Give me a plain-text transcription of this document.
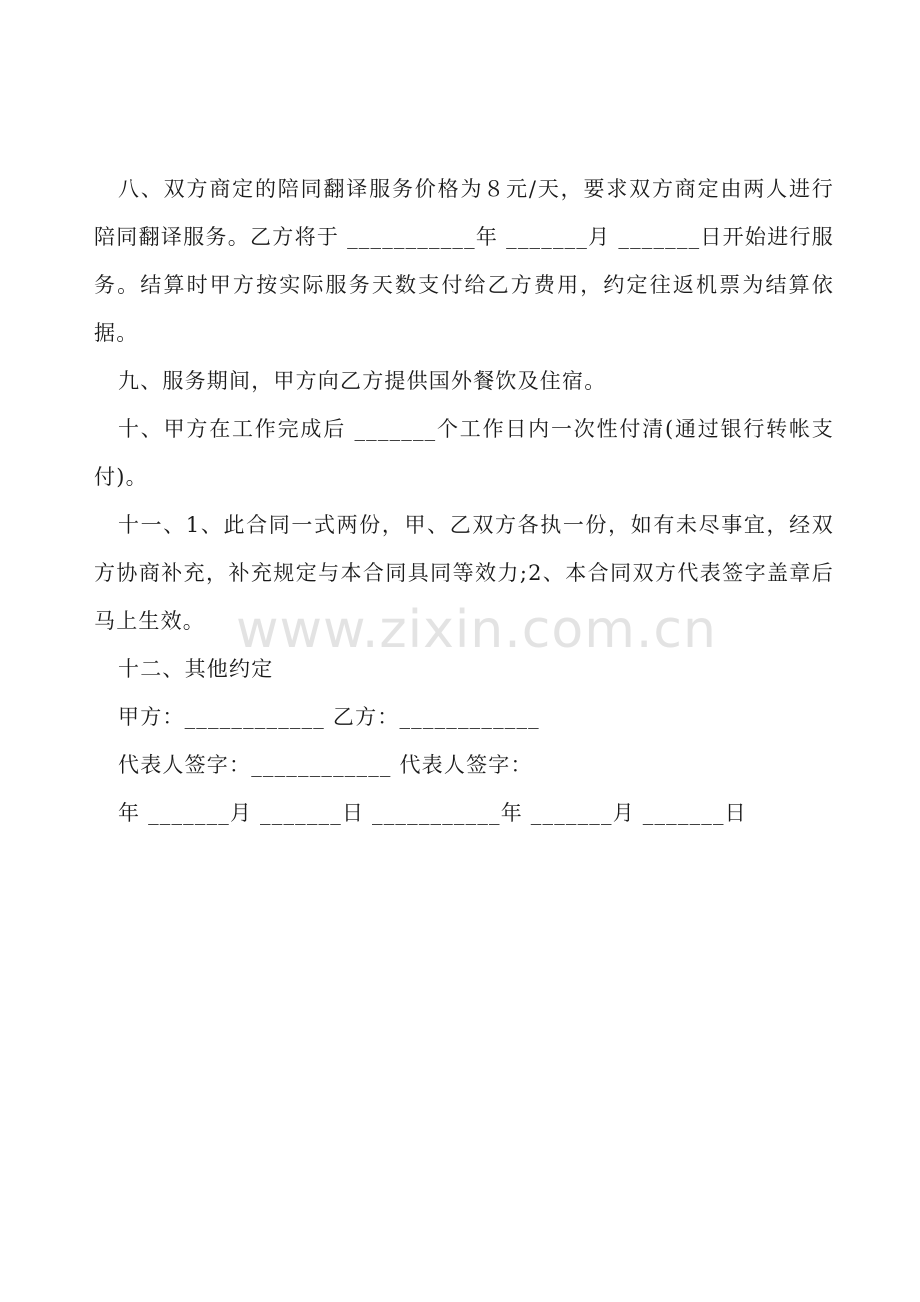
八、双方商定的陪同翻译服务价格为８元/天，要求双方商定由两人进行陪同翻译服务。乙方将于 ___________年 _______月 _______日开始进行服务。结算时甲方按实际服务天数支付给乙方费用，约定往返机票为结算依据。

九、服务期间，甲方向乙方提供国外餐饮及住宿。

十、甲方在工作完成后 _______个工作日内一次性付清(通过银行转帐支付)。

十一、1、此合同一式两份，甲、乙双方各执一份，如有未尽事宜，经双方协商补充，补充规定与本合同具同等效力;2、本合同双方代表签字盖章后马上生效。

十二、其他约定

甲方：____________ 乙方：____________

代表人签字：____________ 代表人签字：

年 _______月 _______日 ___________年 _______月 _______日

www.zixin.com.cn
